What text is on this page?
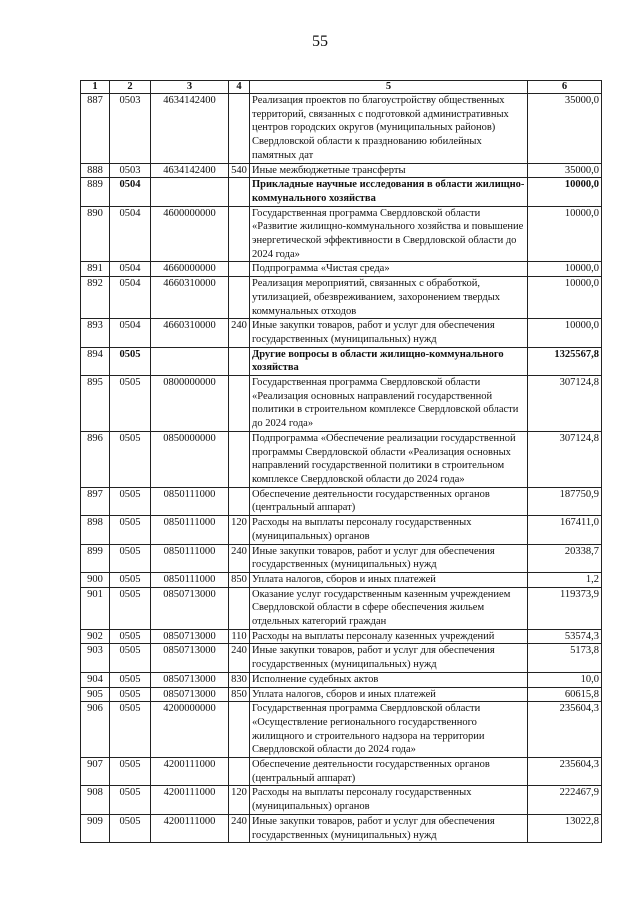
55
1	2	3	4	5	6
887	0503	4634142400		Реализация проектов по благоустройству общественных территорий, связанных с подготовкой административных центров городских округов (муниципальных районов) Свердловской области к празднованию юбилейных памятных дат	35000,0
888	0503	4634142400	540	Иные межбюджетные трансферты	35000,0
889	0504			Прикладные научные исследования в области жилищно-коммунального хозяйства	10000,0
890	0504	4600000000		Государственная программа Свердловской области «Развитие жилищно-коммунального хозяйства и повышение энергетической эффективности в Свердловской области до 2024 года»	10000,0
891	0504	4660000000		Подпрограмма «Чистая среда»	10000,0
892	0504	4660310000		Реализация мероприятий, связанных с обработкой, утилизацией, обезвреживанием, захоронением твердых коммунальных отходов	10000,0
893	0504	4660310000	240	Иные закупки товаров, работ и услуг для обеспечения государственных (муниципальных) нужд	10000,0
894	0505			Другие вопросы в области жилищно-коммунального хозяйства	1325567,8
895	0505	0800000000		Государственная программа Свердловской области «Реализация основных направлений государственной политики в строительном комплексе Свердловской области до 2024 года»	307124,8
896	0505	0850000000		Подпрограмма «Обеспечение реализации государственной программы Свердловской области «Реализация основных направлений государственной политики в строительном комплексе Свердловской области до 2024 года»	307124,8
897	0505	0850111000		Обеспечение деятельности государственных органов (центральный аппарат)	187750,9
898	0505	0850111000	120	Расходы на выплаты персоналу государственных (муниципальных) органов	167411,0
899	0505	0850111000	240	Иные закупки товаров, работ и услуг для обеспечения государственных (муниципальных) нужд	20338,7
900	0505	0850111000	850	Уплата налогов, сборов и иных платежей	1,2
901	0505	0850713000		Оказание услуг государственным казенным учреждением Свердловской области в сфере обеспечения жильем отдельных категорий граждан	119373,9
902	0505	0850713000	110	Расходы на выплаты персоналу казенных учреждений	53574,3
903	0505	0850713000	240	Иные закупки товаров, работ и услуг для обеспечения государственных (муниципальных) нужд	5173,8
904	0505	0850713000	830	Исполнение судебных актов	10,0
905	0505	0850713000	850	Уплата налогов, сборов и иных платежей	60615,8
906	0505	4200000000		Государственная программа Свердловской области «Осуществление регионального государственного жилищного и строительного надзора на территории Свердловской области до 2024 года»	235604,3
907	0505	4200111000		Обеспечение деятельности государственных органов (центральный аппарат)	235604,3
908	0505	4200111000	120	Расходы на выплаты персоналу государственных (муниципальных) органов	222467,9
909	0505	4200111000	240	Иные закупки товаров, работ и услуг для обеспечения государственных (муниципальных) нужд	13022,8
